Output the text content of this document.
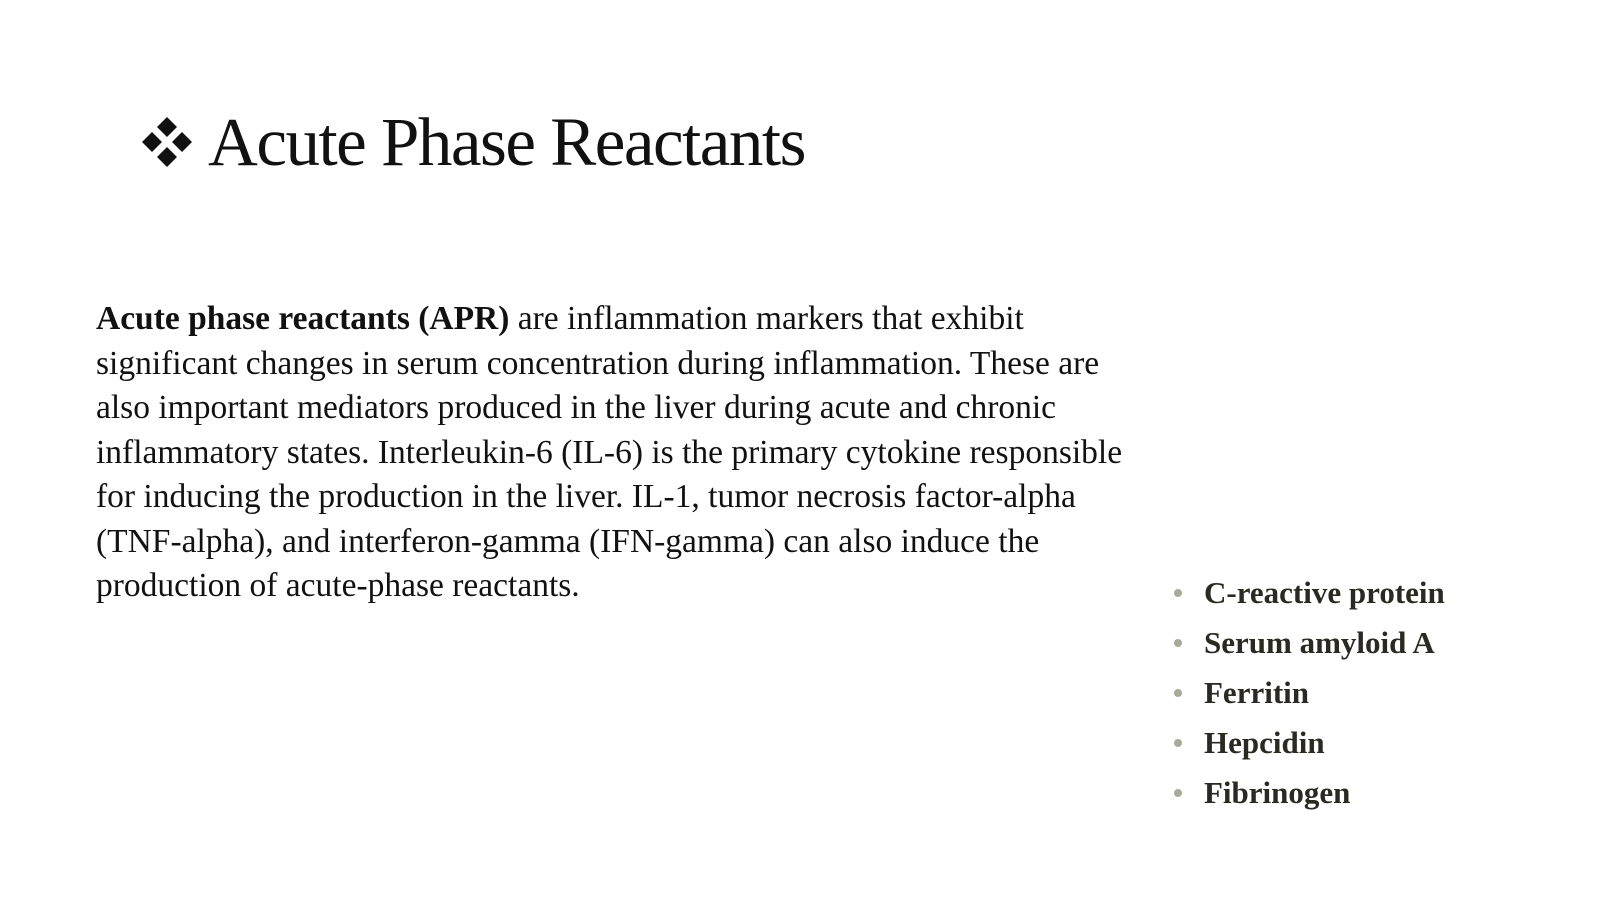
Acute Phase Reactants
Acute phase reactants (APR) are inflammation markers that exhibit significant changes in serum concentration during inflammation. These are also important mediators produced in the liver during acute and chronic inflammatory states. Interleukin-6 (IL-6) is the primary cytokine responsible for inducing the production in the liver. IL-1, tumor necrosis factor-alpha (TNF-alpha), and interferon-gamma (IFN-gamma) can also induce the production of acute-phase reactants.	C-reactive protein
Serum amyloid A
Ferritin
Hepcidin
Fibrinogen
